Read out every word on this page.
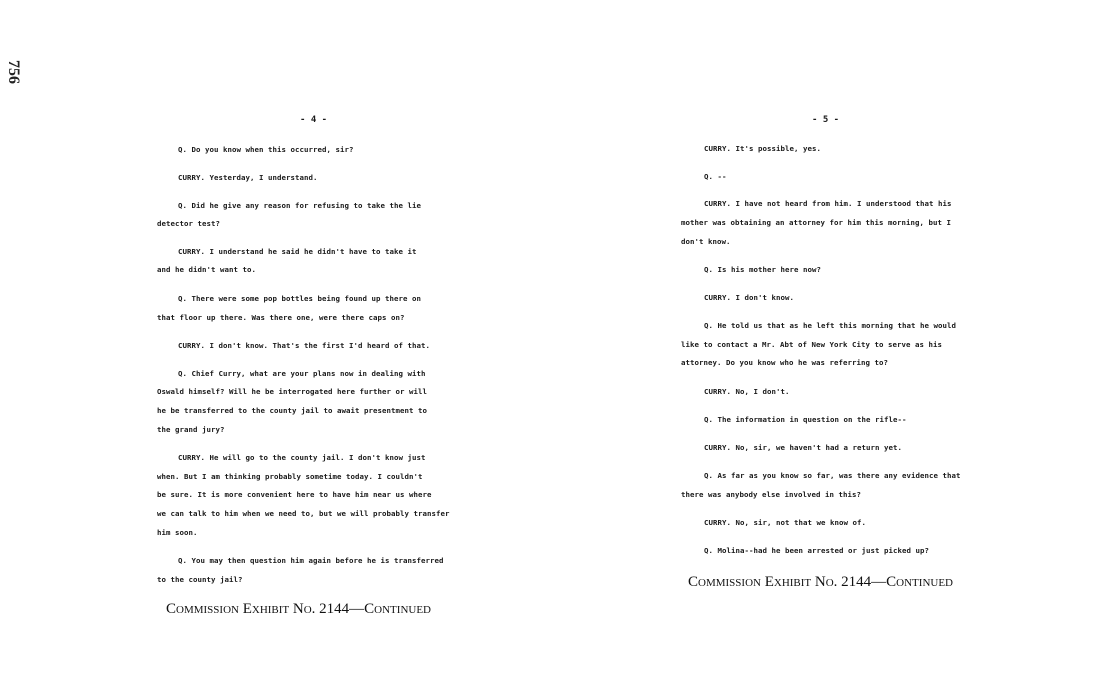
756
- 4 -
Q. Do you know when this occurred, sir?
CURRY. Yesterday, I understand.
Q. Did he give any reason for refusing to take the lie
detector test?
CURRY. I understand he said he didn't have to take it
and he didn't want to.
Q. There were some pop bottles being found up there on
that floor up there. Was there one, were there caps on?
CURRY. I don't know. That's the first I'd heard of that.
Q. Chief Curry, what are your plans now in dealing with
Oswald himself? Will he be interrogated here further or will
he be transferred to the county jail to await presentment to
the grand jury?
CURRY. He will go to the county jail. I don't know just
when. But I am thinking probably sometime today. I couldn't
be sure. It is more convenient here to have him near us where
we can talk to him when we need to, but we will probably transfer
him soon.
Q. You may then question him again before he is transferred
to the county jail?
Commission Exhibit No. 2144—Continued
- 5 -
CURRY. It's possible, yes.
Q. --
CURRY. I have not heard from him. I understood that his
mother was obtaining an attorney for him this morning, but I
don't know.
Q. Is his mother here now?
CURRY. I don't know.
Q. He told us that as he left this morning that he would
like to contact a Mr. Abt of New York City to serve as his
attorney. Do you know who he was referring to?
CURRY. No, I don't.
Q. The information in question on the rifle--
CURRY. No, sir, we haven't had a return yet.
Q. As far as you know so far, was there any evidence that
there was anybody else involved in this?
CURRY. No, sir, not that we know of.
Q. Molina--had he been arrested or just picked up?
Commission Exhibit No. 2144—Continued
